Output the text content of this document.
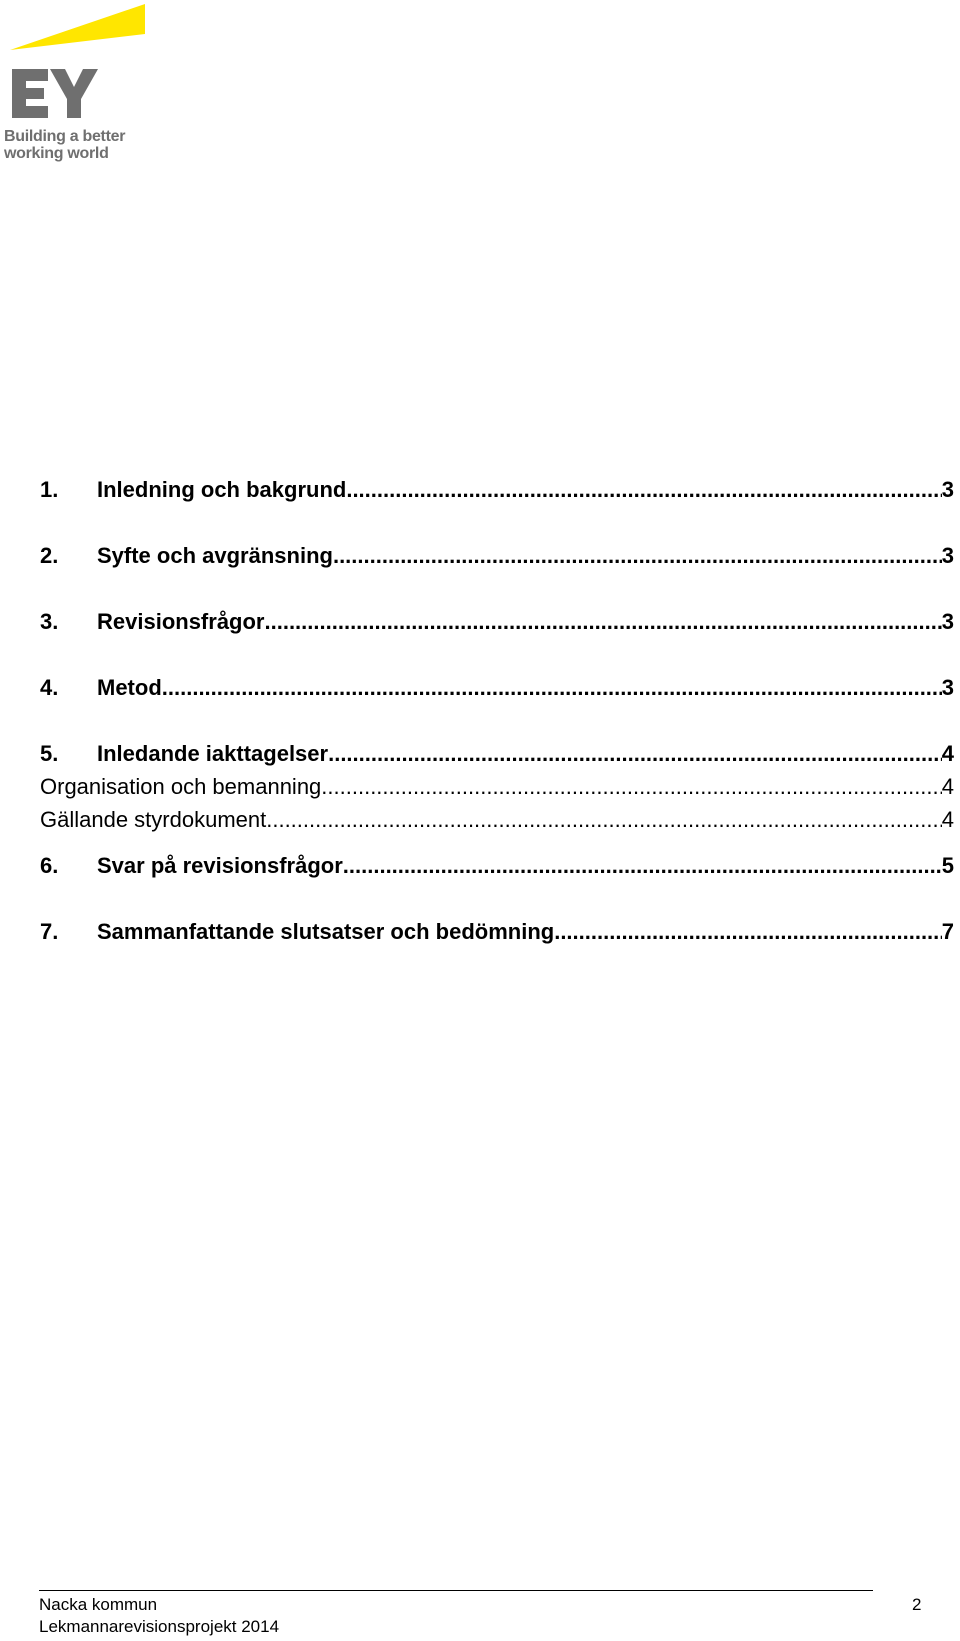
Building a better
working world
1.	Inledning och bakgrund .....	3
2.	Syfte och avgränsning .....	3
3.	Revisionsfrågor .....	3
4.	Metod .....	3
5.	Inledande iakttagelser .....	4
Organisation och bemanning .....	4
Gällande styrdokument .....	4
6.	Svar på revisionsfrågor .....	5
7.	Sammanfattande slutsatser och bedömning .....	7
Nacka kommun
Lekmannarevisionsprojekt 2014
2
